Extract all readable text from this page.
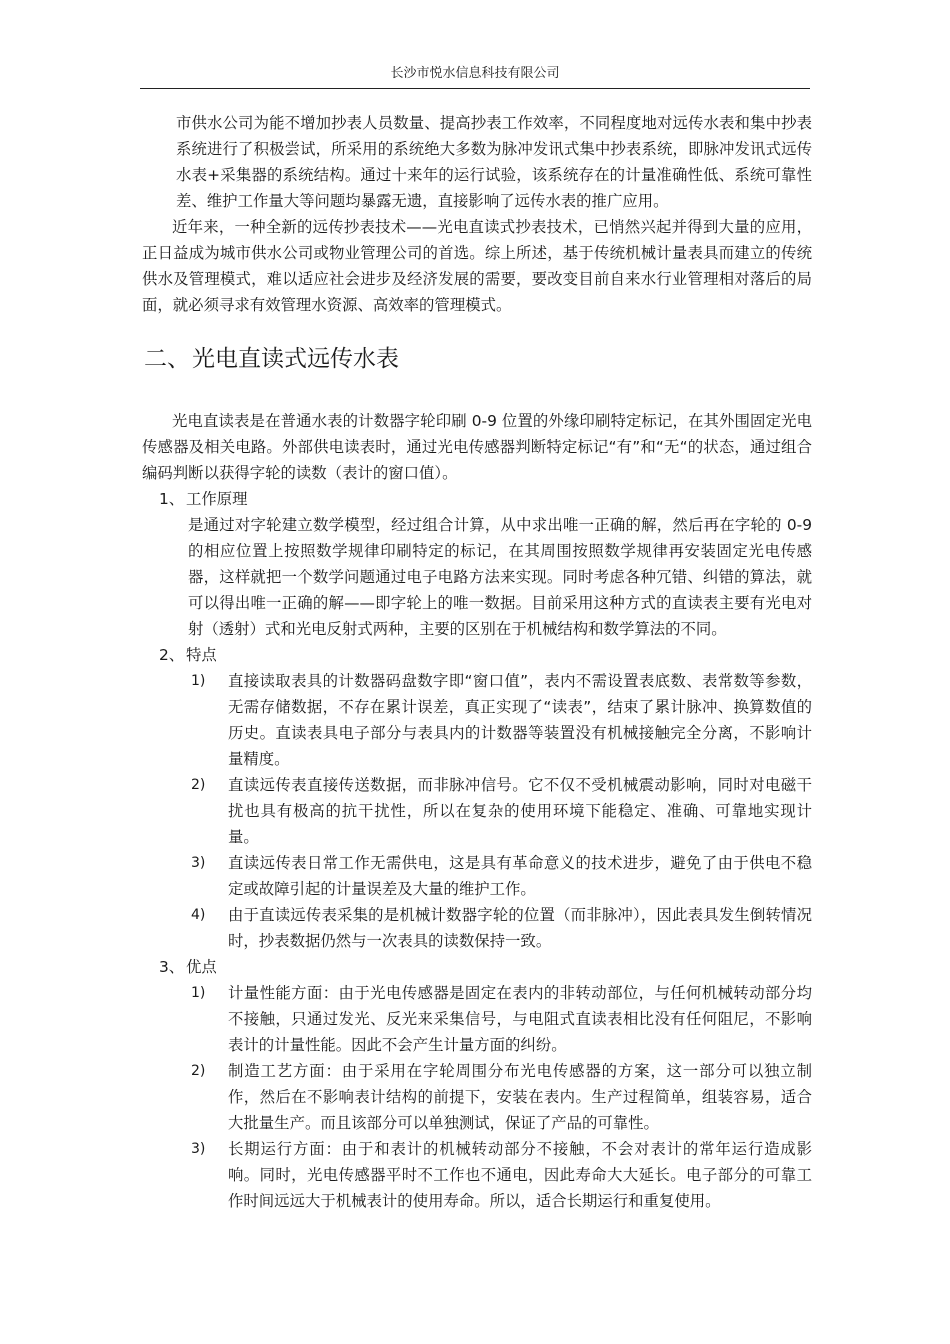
长沙市悦水信息科技有限公司

市供水公司为能不增加抄表人员数量、提高抄表工作效率，不同程度地对远传水表和集中抄表系统进行了积极尝试，所采用的系统绝大多数为脉冲发讯式集中抄表系统，即脉冲发讯式远传水表+采集器的系统结构。通过十来年的运行试验，该系统存在的计量准确性低、系统可靠性差、维护工作量大等问题均暴露无遗，直接影响了远传水表的推广应用。

近年来，一种全新的远传抄表技术——光电直读式抄表技术，已悄然兴起并得到大量的应用，正日益成为城市供水公司或物业管理公司的首选。综上所述，基于传统机械计量表具而建立的传统供水及管理模式，难以适应社会进步及经济发展的需要，要改变目前自来水行业管理相对落后的局面，就必须寻求有效管理水资源、高效率的管理模式。

二、光电直读式远传水表

光电直读表是在普通水表的计数器字轮印刷 0-9 位置的外缘印刷特定标记，在其外围固定光电传感器及相关电路。外部供电读表时，通过光电传感器判断特定标记“有”和“无“的状态，通过组合编码判断以获得字轮的读数（表计的窗口值）。

1、 工作原理

是通过对字轮建立数学模型，经过组合计算，从中求出唯一正确的解，然后再在字轮的 0-9 的相应位置上按照数学规律印刷特定的标记，在其周围按照数学规律再安装固定光电传感器，这样就把一个数学问题通过电子电路方法来实现。同时考虑各种冗错、纠错的算法，就可以得出唯一正确的解——即字轮上的唯一数据。目前采用这种方式的直读表主要有光电对射（透射）式和光电反射式两种，主要的区别在于机械结构和数学算法的不同。

2、 特点
1) 直接读取表具的计数器码盘数字即“窗口值”，表内不需设置表底数、表常数等参数，无需存储数据，不存在累计误差，真正实现了“读表”，结束了累计脉冲、换算数值的历史。直读表具电子部分与表具内的计数器等装置没有机械接触完全分离，不影响计量精度。

2) 直读远传表直接传送数据，而非脉冲信号。它不仅不受机械震动影响，同时对电磁干扰也具有极高的抗干扰性，所以在复杂的使用环境下能稳定、准确、可靠地实现计量。

3) 直读远传表日常工作无需供电，这是具有革命意义的技术进步，避免了由于供电不稳定或故障引起的计量误差及大量的维护工作。

4) 由于直读远传表采集的是机械计数器字轮的位置（而非脉冲），因此表具发生倒转情况时，抄表数据仍然与一次表具的读数保持一致。

3、 优点
1) 计量性能方面：由于光电传感器是固定在表内的非转动部位，与任何机械转动部分均不接触，只通过发光、反光来采集信号，与电阻式直读表相比没有任何阻尼，不影响表计的计量性能。因此不会产生计量方面的纠纷。

2) 制造工艺方面：由于采用在字轮周围分布光电传感器的方案，这一部分可以独立制作，然后在不影响表计结构的前提下，安装在表内。生产过程简单，组装容易，适合大批量生产。而且该部分可以单独测试，保证了产品的可靠性。

3) 长期运行方面：由于和表计的机械转动部分不接触，不会对表计的常年运行造成影响。同时，光电传感器平时不工作也不通电，因此寿命大大延长。电子部分的可靠工作时间远远大于机械表计的使用寿命。所以，适合长期运行和重复使用。
